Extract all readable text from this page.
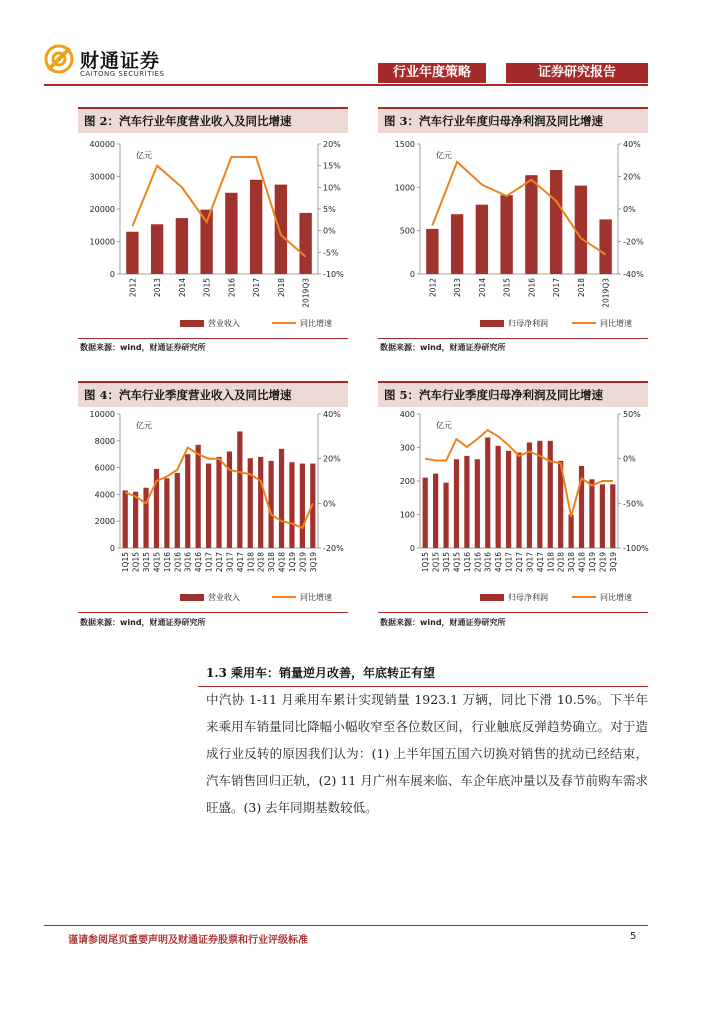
财通证券
CAITONG SECURITIES	行业年度策略	证券研究报告
图 2：汽车行业年度营业收入及同比增速
0
10000
20000
30000
40000
-10%
-5%
0%
5%
10%
15%
20%
亿元
2012 2013 2014 2015 2016 2017 2018 2019Q3
营业收入	同比增速
数据来源：wind，财通证券研究所
图 3：汽车行业年度归母净利润及同比增速
0
500
1000
1500
-40%
-20%
0%
20%
40%
亿元
2012 2013 2014 2015 2016 2017 2018 2019Q3
归母净利润	同比增速
数据来源：wind，财通证券研究所
图 4：汽车行业季度营业收入及同比增速
0
2000
4000
6000
8000
10000
-20%
0%
20%
40%
亿元
1Q15 2Q15 3Q15 4Q15 1Q16 2Q16 3Q16 4Q16 1Q17 2Q17 3Q17 4Q17 1Q18 2Q18 3Q18 4Q18 1Q19 2Q19 3Q19
营业收入	同比增速
数据来源：wind，财通证券研究所
图 5：汽车行业季度归母净利润及同比增速
0
100
200
300
400
-100%
-50%
0%
50%
亿元
1Q15 2Q15 3Q15 4Q15 1Q16 2Q16 3Q16 4Q16 1Q17 2Q17 3Q17 4Q17 1Q18 2Q18 3Q18 4Q18 1Q19 2Q19 3Q19
归母净利润	同比增速
数据来源：wind，财通证券研究所
1.3 乘用车：销量逆月改善，年底转正有望
中汽协 1-11 月乘用车累计实现销量 1923.1 万辆，同比下滑 10.5%。下半年来乘用车销量同比降幅小幅收窄至各位数区间，行业触底反弹趋势确立。对于造成行业反转的原因我们认为：(1) 上半年国五国六切换对销售的扰动已经结束，汽车销售回归正轨，(2) 11 月广州车展来临、车企年底冲量以及春节前购车需求旺盛。(3) 去年同期基数较低。
谨请参阅尾页重要声明及财通证券股票和行业评级标准	5
